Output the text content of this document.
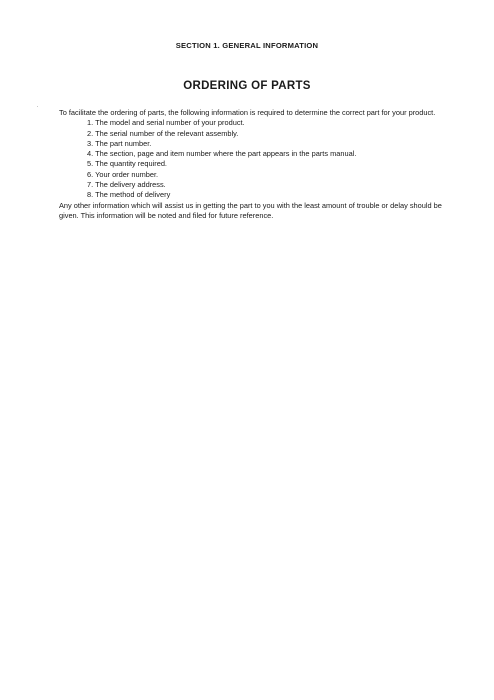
SECTION 1. GENERAL INFORMATION
ORDERING OF PARTS

To facilitate the ordering of parts, the following information is required to determine the correct part for your product.

1. The model and serial number of your product.
2. The serial number of the relevant assembly.
3. The part number.
4. The section, page and item number where the part appears in the parts manual.
5. The quantity required.
6. Your order number.
7. The delivery address.
8. The method of delivery

Any other information which will assist us in getting the part to you with the least amount of trouble or delay should be given. This information will be noted and filed for future reference.
